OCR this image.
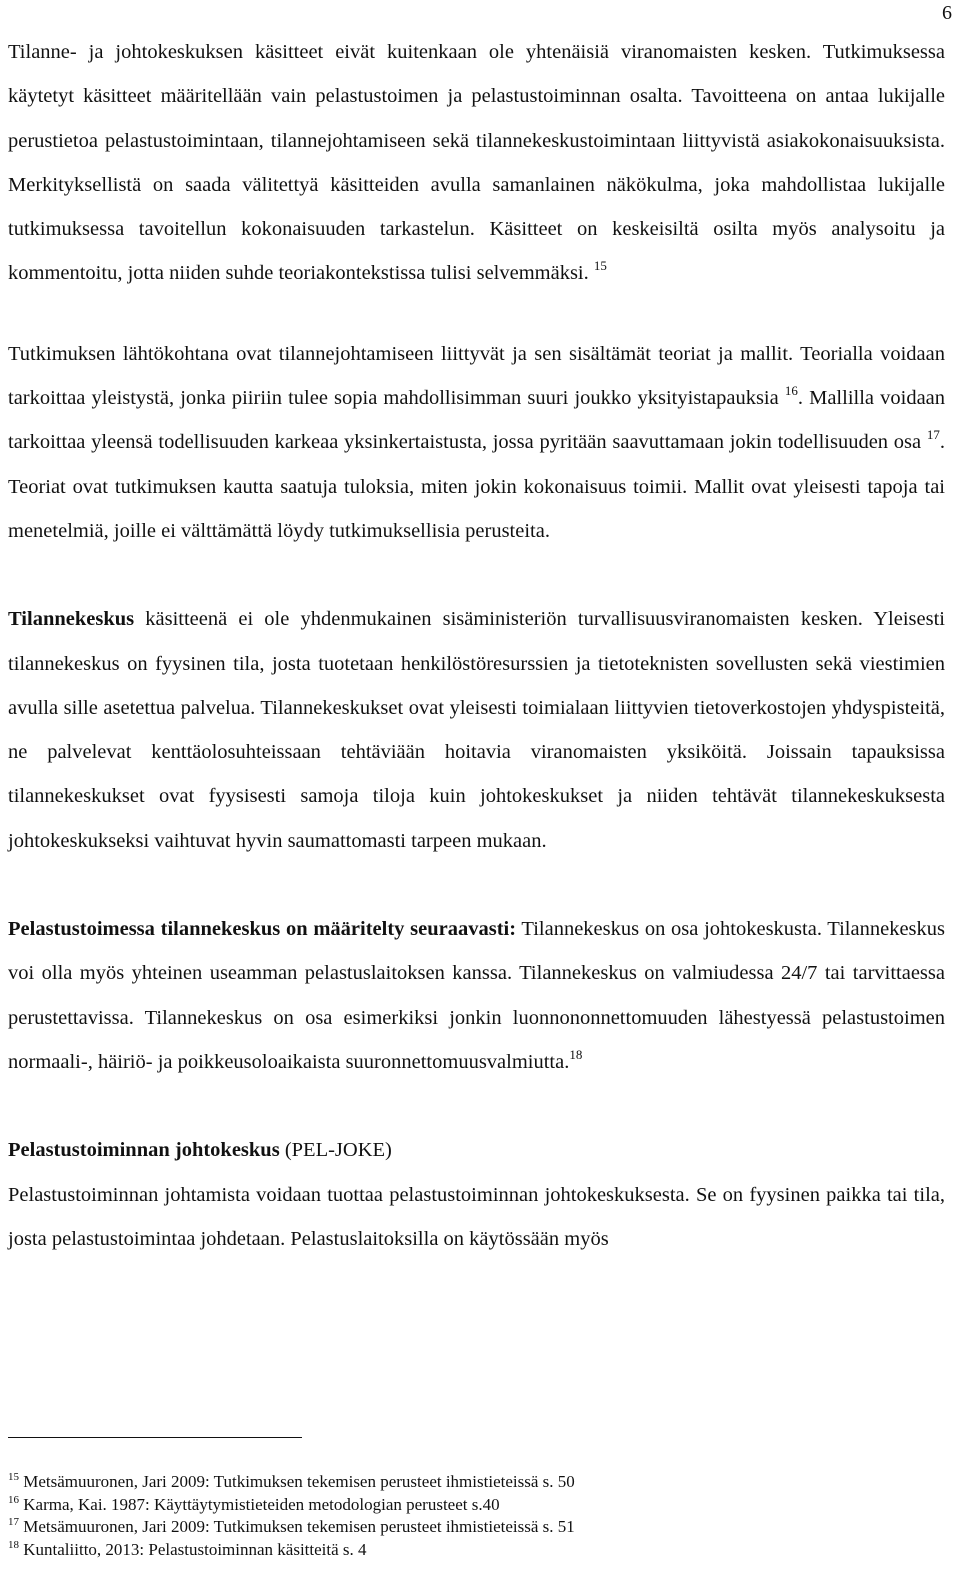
6

Tilanne- ja johtokeskuksen käsitteet eivät kuitenkaan ole yhtenäisiä viranomaisten kesken. Tutkimuksessa käytetyt käsitteet määritellään vain pelastustoimen ja pelastustoiminnan osalta. Tavoitteena on antaa lukijalle perustietoa pelastustoimintaan, tilannejohtamiseen sekä tilannekeskustoimintaan liittyvistä asiakokonaisuuksista. Merkityksellistä on saada välitettyä käsitteiden avulla samanlainen näkökulma, joka mahdollistaa lukijalle tutkimuksessa tavoitellun kokonaisuuden tarkastelun. Käsitteet on keskeisiltä osilta myös analysoitu ja kommentoitu, jotta niiden suhde teoriakontekstissa tulisi selvemmäksi. $^{15}$

Tutkimuksen lähtökohtana ovat tilannejohtamiseen liittyvät ja sen sisältämät teoriat ja mallit. Teorialla voidaan tarkoittaa yleistystä, jonka piiriin tulee sopia mahdollisimman suuri joukko yksityistapauksia $^{16}$. Mallilla voidaan tarkoittaa yleensä todellisuuden karkeaa yksinkertaistusta, jossa pyritään saavuttamaan jokin todellisuuden osa $^{17}$. Teoriat ovat tutkimuksen kautta saatuja tuloksia, miten jokin kokonaisuus toimii. Mallit ovat yleisesti tapoja tai menetelmiä, joille ei välttämättä löydy tutkimuksellisia perusteita.

Tilannekeskus käsitteenä ei ole yhdenmukainen sisäministeriön turvallisuusviranomaisten kesken. Yleisesti tilannekeskus on fyysinen tila, josta tuotetaan henkilöstöresurssien ja tietoteknisten sovellusten sekä viestimien avulla sille asetettua palvelua. Tilannekeskukset ovat yleisesti toimialaan liittyvien tietoverkostojen yhdyspisteitä, ne palvelevat kenttäolosuhteissaan tehtäviään hoitavia viranomaisten yksiköitä. Joissain tapauksissa tilannekeskukset ovat fyysisesti samoja tiloja kuin johtokeskukset ja niiden tehtävät tilannekeskuksesta johtokeskukseksi vaihtuvat hyvin saumattomasti tarpeen mukaan.

Pelastustoimessa tilannekeskus on määritelty seuraavasti: Tilannekeskus on osa johtokeskusta. Tilannekeskus voi olla myös yhteinen useamman pelastuslaitoksen kanssa. Tilannekeskus on valmiudessa 24/7 tai tarvittaessa perustettavissa. Tilannekeskus on osa esimerkiksi jonkin luonnononnettomuuden lähestyessä pelastustoimen normaali-, häiriö- ja poikkeusoloaikaista suuronnettomuusvalmiutta.$^{18}$

Pelastustoiminnan johtokeskus (PEL-JOKE)
Pelastustoiminnan johtamista voidaan tuottaa pelastustoiminnan johtokeskuksesta. Se on fyysinen paikka tai tila, josta pelastustoimintaa johdetaan. Pelastuslaitoksilla on käytössään myös

$^{15}$ Metsämuuronen, Jari 2009: Tutkimuksen tekemisen perusteet ihmistieteissä s. 50
$^{16}$ Karma, Kai. 1987: Käyttäytymistieteiden metodologian perusteet s.40
$^{17}$ Metsämuuronen, Jari 2009: Tutkimuksen tekemisen perusteet ihmistieteissä s. 51
$^{18}$ Kuntaliitto, 2013: Pelastustoiminnan käsitteitä s. 4
